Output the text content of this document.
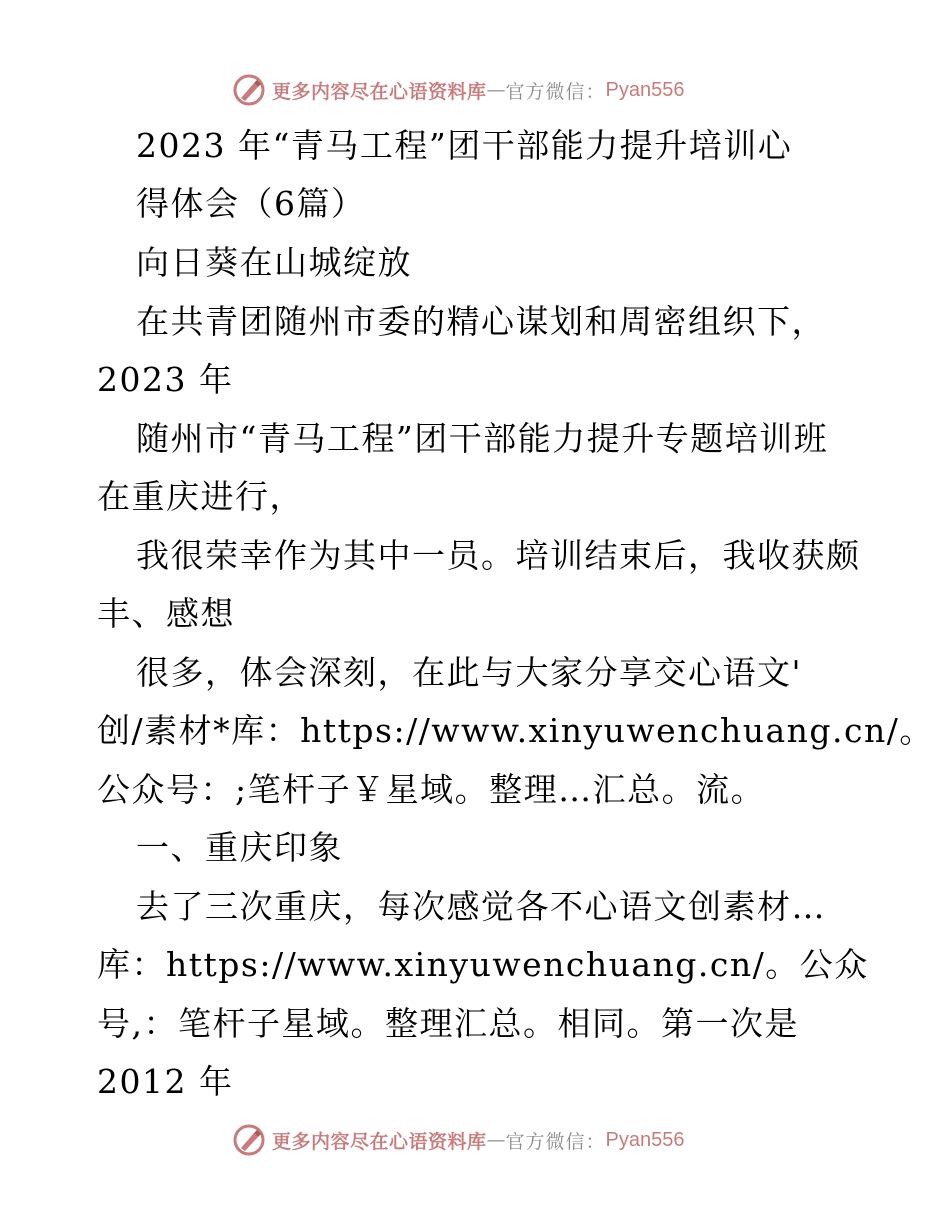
更多内容尽在心语资料库 — 官方微信： Pyan556
2023 年“青马工程”团干部能力提升培训心
得体会（6篇）
向日葵在山城绽放
在共青团随州市委的精心谋划和周密组织下，
2023 年
随州市“青马工程”团干部能力提升专题培训班
在重庆进行，
我很荣幸作为其中一员。培训结束后，我收获颇
丰、感想
很多，体会深刻，在此与大家分享交心语文'
创/素材*库：https://www.xinyuwenchuang.cn/。
公众号：;笔杆子￥星域。整理…汇总。流。
一、重庆印象
去了三次重庆，每次感觉各不心语文创素材…
库：https://www.xinyuwenchuang.cn/。公众
号,：笔杆子星域。整理汇总。相同。第一次是
2012 年
更多内容尽在心语资料库 — 官方微信： Pyan556
